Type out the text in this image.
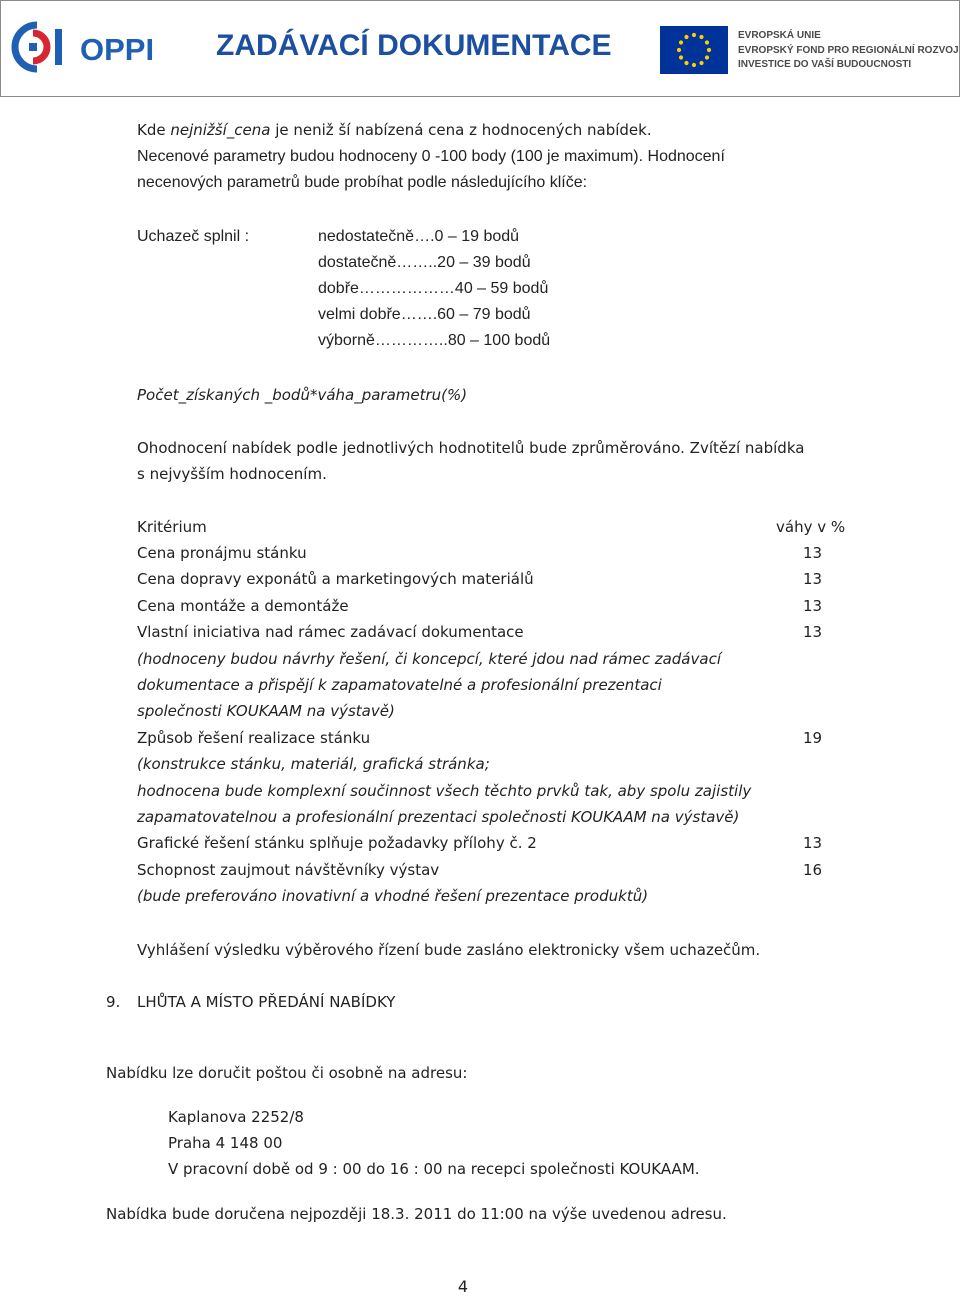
OPPI ZADÁVACÍ DOKUMENTACE	EVROPSKÁ UNIE
EVROPSKÝ FOND PRO REGIONÁLNÍ ROZVOJ
INVESTICE DO VAŠÍ BUDOUCNOSTI
Kde nejnižší_cena je neniž ší nabízená cena z hodnocených nabídek.
Necenové parametry budou hodnoceny 0 -100 body (100 je maximum). Hodnocení
necenových parametrů bude probíhat podle následujícího klíče:
Uchazeč splnil :	nedostatečně….0 – 19 bodů
dostatečně……..20 – 39 bodů
dobře………………40 – 59 bodů
velmi dobře…….60 – 79 bodů
výborně…………..80 – 100 bodů
Počet_získaných _bodů*váha_parametru(%)
Ohodnocení nabídek podle jednotlivých hodnotitelů bude zprůměrováno. Zvítězí nabídka
s nejvyšším hodnocením.
Kritérium	váhy v %
Cena pronájmu stánku	13
Cena dopravy exponátů a marketingových materiálů	13
Cena montáže a demontáže	13
Vlastní iniciativa nad rámec zadávací dokumentace	13
(hodnoceny budou návrhy řešení, či koncepcí, které jdou nad rámec zadávací
dokumentace a přispějí k zapamatovatelné a profesionální prezentaci
společnosti KOUKAAM na výstavě)
Způsob řešení realizace stánku	19
(konstrukce stánku, materiál, grafická stránka;
hodnocena bude komplexní součinnost všech těchto prvků tak, aby spolu zajistily
zapamatovatelnou a profesionální prezentaci společnosti KOUKAAM na výstavě)
Grafické řešení stánku splňuje požadavky přílohy č. 2	13
Schopnost zaujmout návštěvníky výstav	16
(bude preferováno inovativní a vhodné řešení prezentace produktů)
Vyhlášení výsledku výběrového řízení bude zasláno elektronicky všem uchazečům.
9. LHŮTA A MÍSTO PŘEDÁNÍ NABÍDKY
Nabídku lze doručit poštou či osobně na adresu:
Kaplanova 2252/8
Praha 4 148 00
V pracovní době od 9 : 00 do 16 : 00 na recepci společnosti KOUKAAM.
Nabídka bude doručena nejpozději 18.3. 2011 do 11:00 na výše uvedenou adresu.
4
